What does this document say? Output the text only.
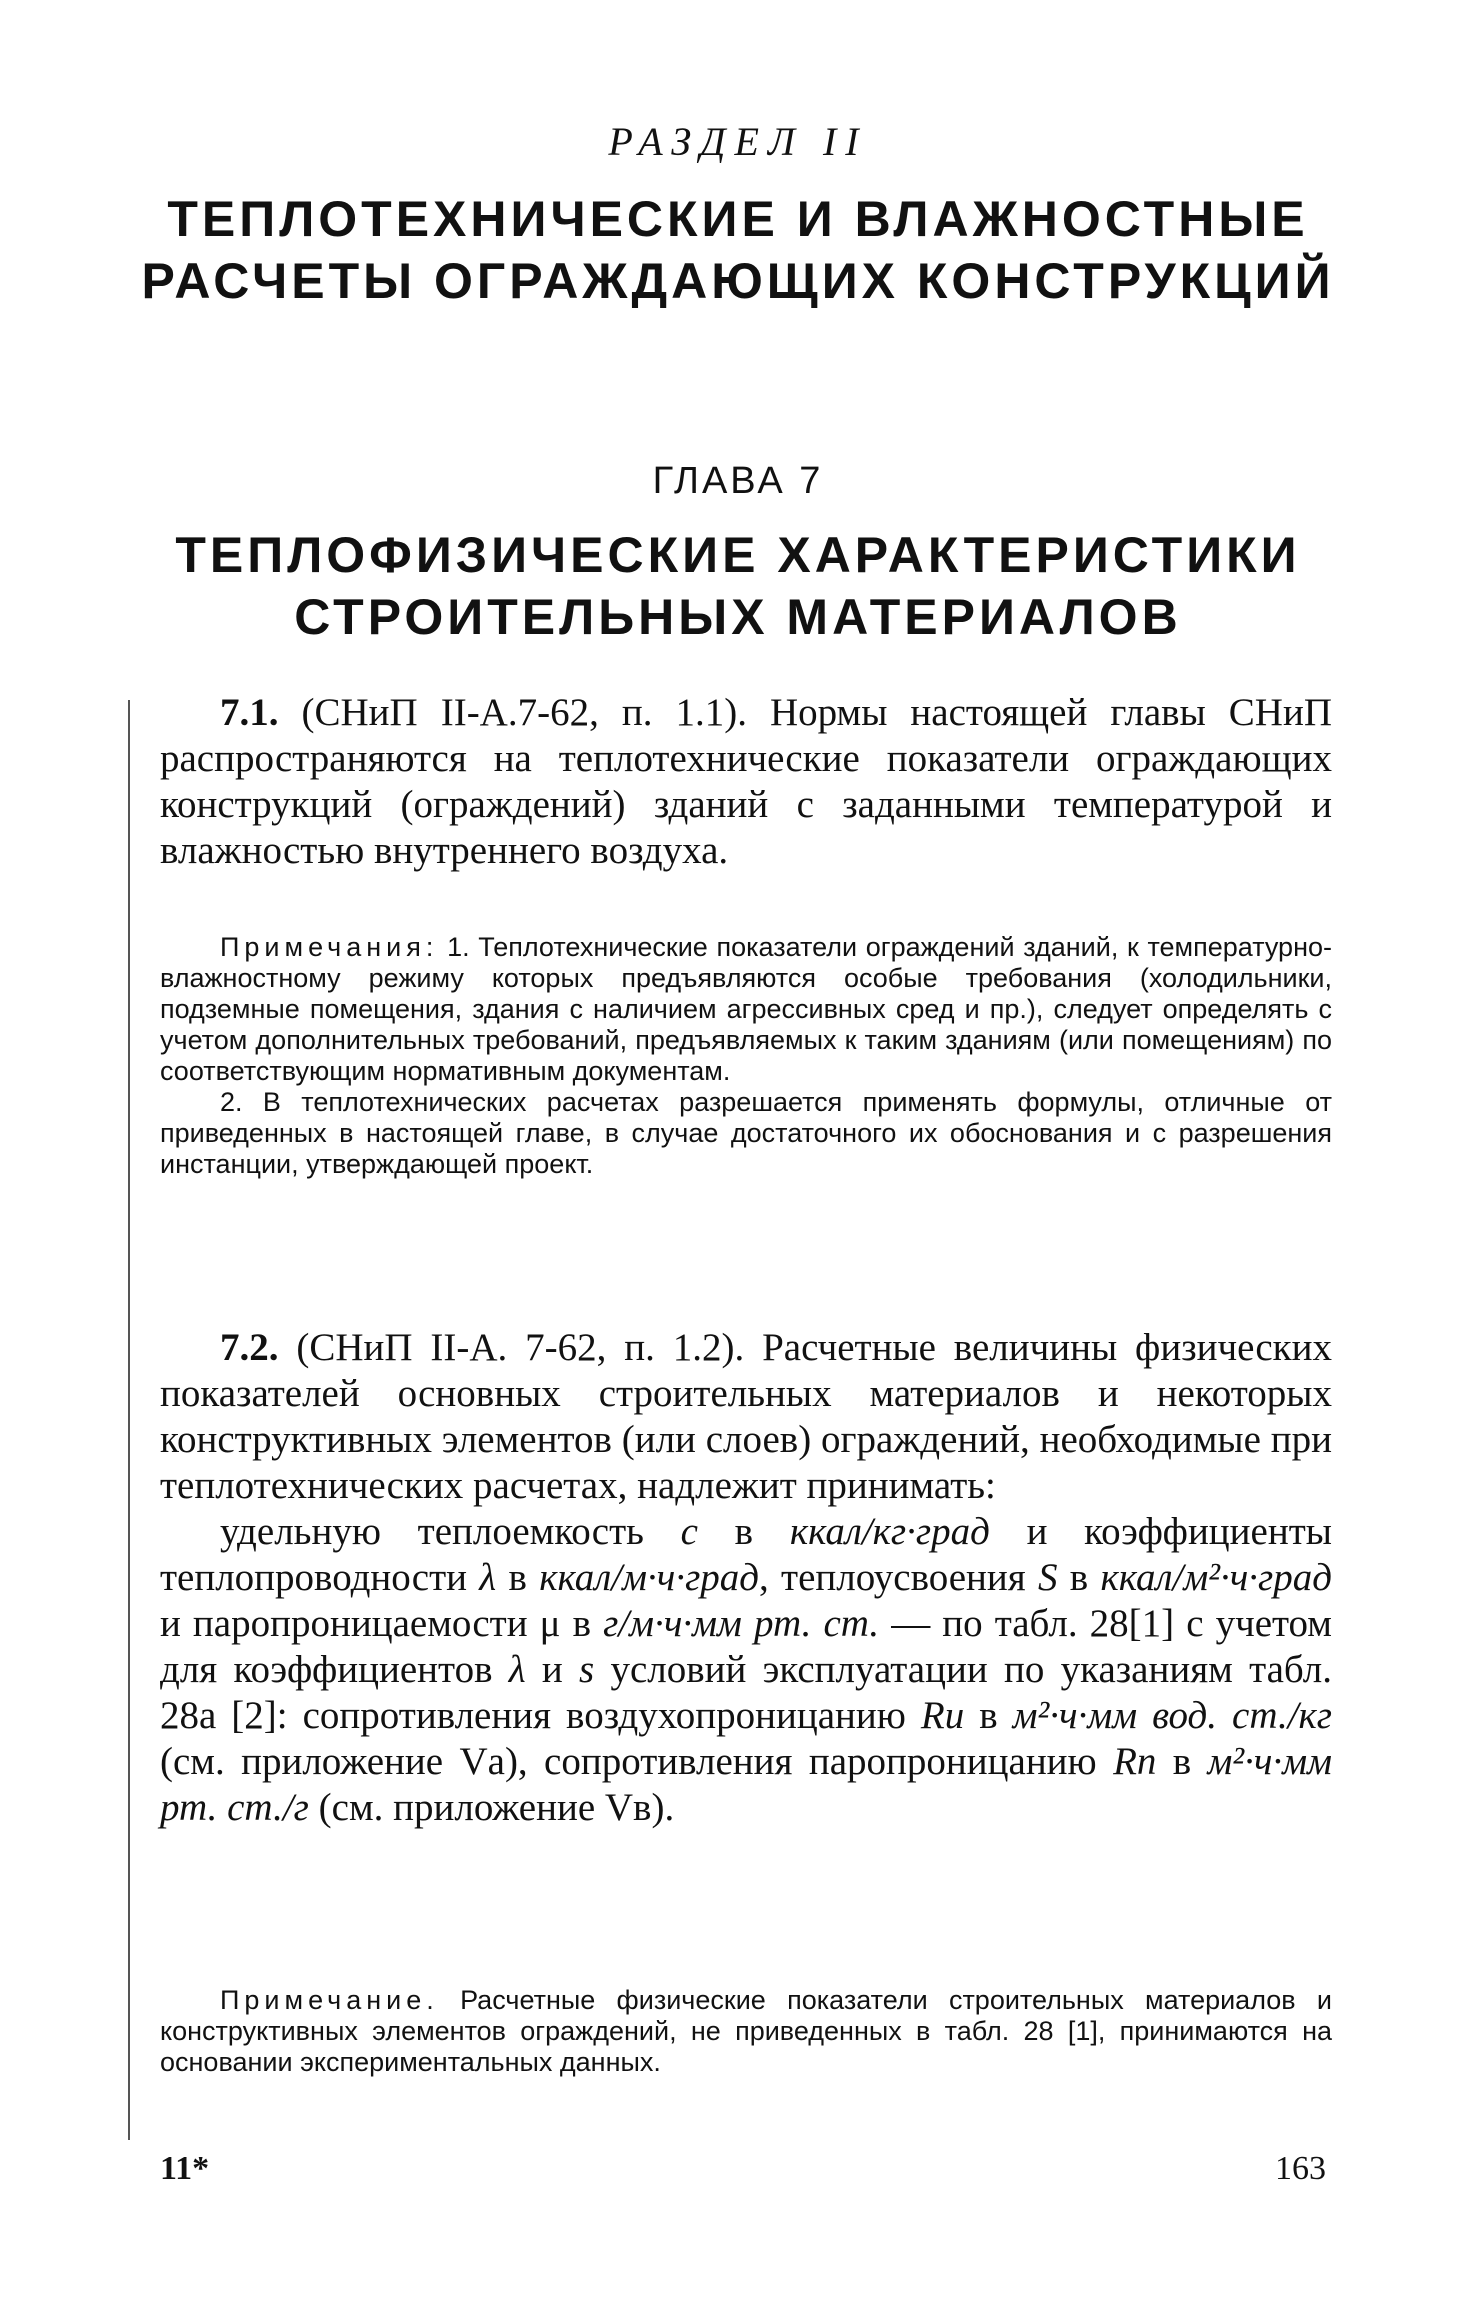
РАЗДЕЛ II
ТЕПЛОТЕХНИЧЕСКИЕ И ВЛАЖНОСТНЫЕ
РАСЧЕТЫ ОГРАЖДАЮЩИХ КОНСТРУКЦИЙ
ГЛАВА 7
ТЕПЛОФИЗИЧЕСКИЕ ХАРАКТЕРИСТИКИ
СТРОИТЕЛЬНЫХ МАТЕРИАЛОВ

7.1. (СНиП II-А.7-62, п. 1.1). Нормы настоящей главы СНиП распространяются на теплотехнические показатели ограждающих конструкций (ограждений) зданий с заданными температурой и влажностью внутреннего воздуха.

Примечания: 1. Теплотехнические показатели ограждений зданий, к температурно-влажностному режиму которых предъявляются особые требования (холодильники, подземные помещения, здания с наличием агрессивных сред и пр.), следует определять с учетом дополнительных требований, предъявляемых к таким зданиям (или помещениям) по соответствующим нормативным документам.

2. В теплотехнических расчетах разрешается применять формулы, отличные от приведенных в настоящей главе, в случае достаточного их обоснования и с разрешения инстанции, утверждающей проект.

7.2. (СНиП II-А. 7-62, п. 1.2). Расчетные величины физических показателей основных строительных материалов и некоторых конструктивных элементов (или слоев) ограждений, необходимые при теплотехнических расчетах, надлежит принимать:

удельную теплоемкость c в ккал/кг·град и коэффициенты теплопроводности λ в ккал/м·ч·град, теплоусвоения S в ккал/м²·ч·град и паропроницаемости μ в г/м·ч·мм рт. ст. — по табл. 28[1] с учетом для коэффициентов λ и s условий эксплуатации по указаниям табл. 28а [2]: сопротивления воздухопроницанию Rи в м²·ч·мм вод. ст./кг (см. приложение Vа), сопротивления паропроницанию Rп в м²·ч·мм рт. ст./г (см. приложение Vв).

Примечание. Расчетные физические показатели строительных материалов и конструктивных элементов ограждений, не приведенных в табл. 28 [1], принимаются на основании экспериментальных данных.

11*	163
